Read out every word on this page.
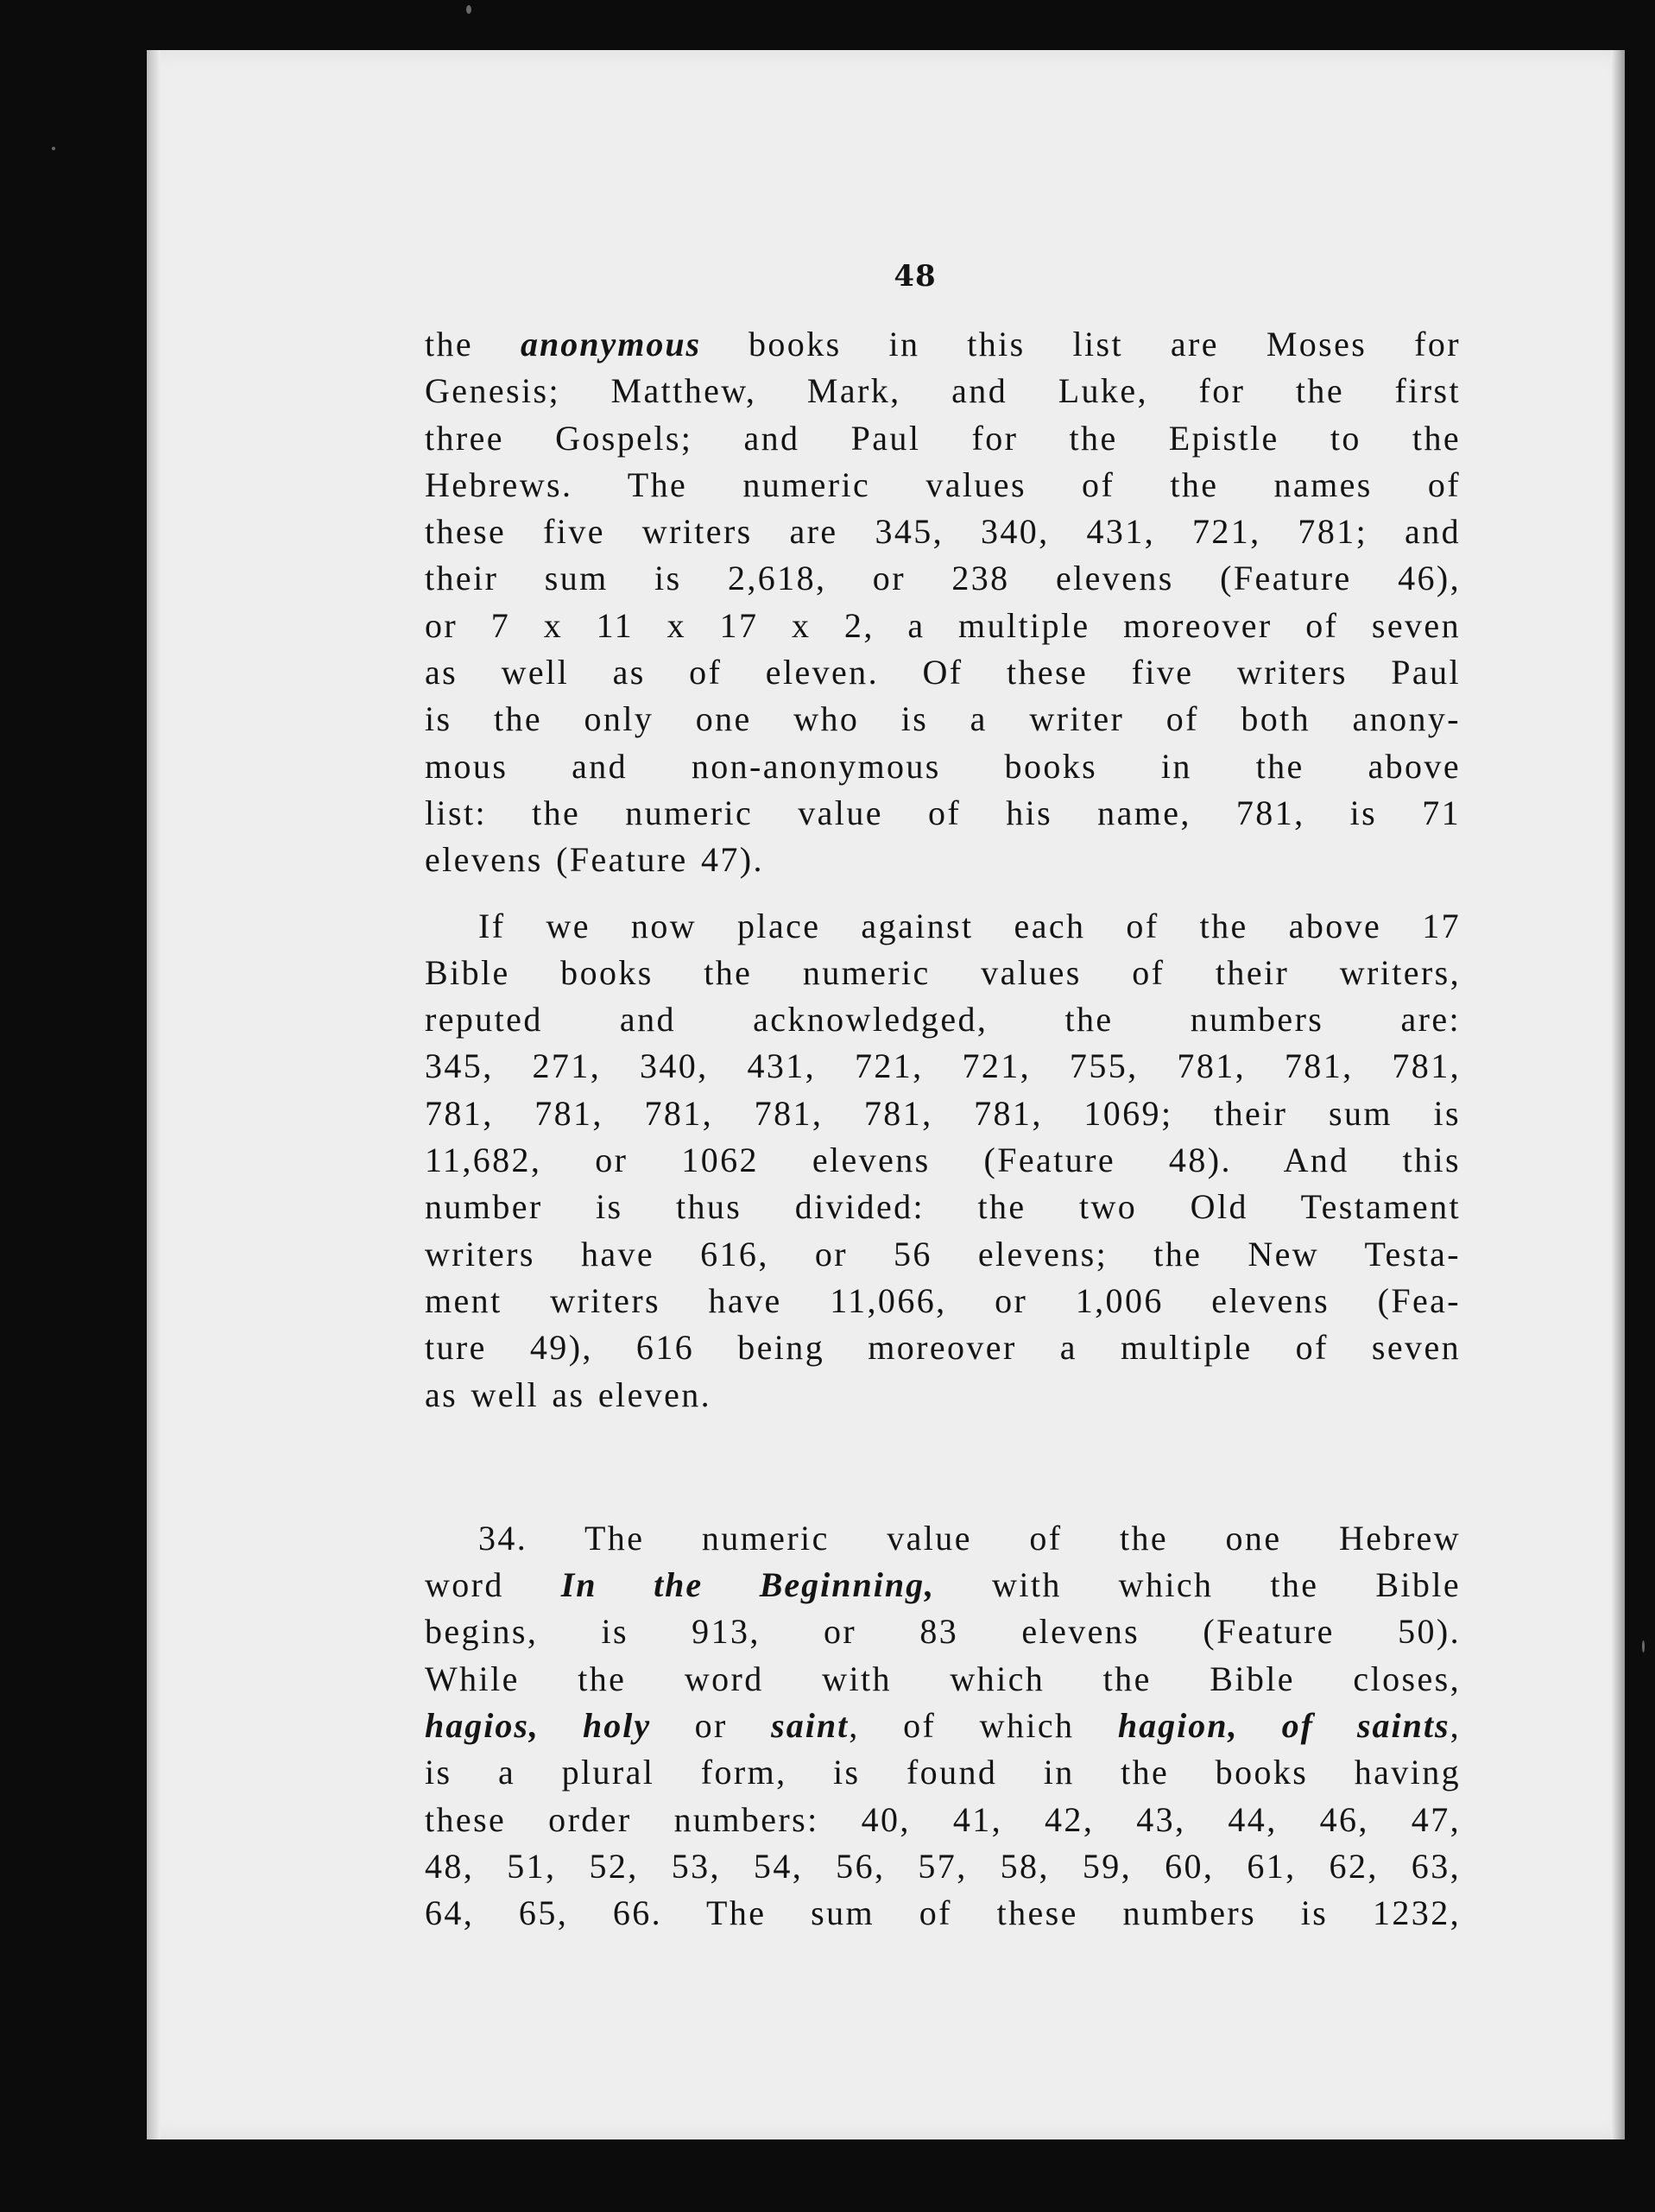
48
the anonymous books in this list are Moses for
Genesis; Matthew, Mark, and Luke, for the first
three Gospels; and Paul for the Epistle to the
Hebrews. The numeric values of the names of
these five writers are 345, 340, 431, 721, 781; and
their sum is 2,618, or 238 elevens (Feature 46),
or 7 x 11 x 17 x 2, a multiple moreover of seven
as well as of eleven. Of these five writers Paul
is the only one who is a writer of both anony-
mous and non-anonymous books in the above
list: the numeric value of his name, 781, is 71
elevens (Feature 47).
If we now place against each of the above 17
Bible books the numeric values of their writers,
reputed and acknowledged, the numbers are:
345, 271, 340, 431, 721, 721, 755, 781, 781, 781,
781, 781, 781, 781, 781, 781, 1069; their sum is
11,682, or 1062 elevens (Feature 48). And this
number is thus divided: the two Old Testament
writers have 616, or 56 elevens; the New Testa-
ment writers have 11,066, or 1,006 elevens (Fea-
ture 49), 616 being moreover a multiple of seven
as well as eleven.
34. The numeric value of the one Hebrew
word In the Beginning, with which the Bible
begins, is 913, or 83 elevens (Feature 50).
While the word with which the Bible closes,
hagios, holy or saint, of which hagion, of saints,
is a plural form, is found in the books having
these order numbers: 40, 41, 42, 43, 44, 46, 47,
48, 51, 52, 53, 54, 56, 57, 58, 59, 60, 61, 62, 63,
64, 65, 66. The sum of these numbers is 1232,
